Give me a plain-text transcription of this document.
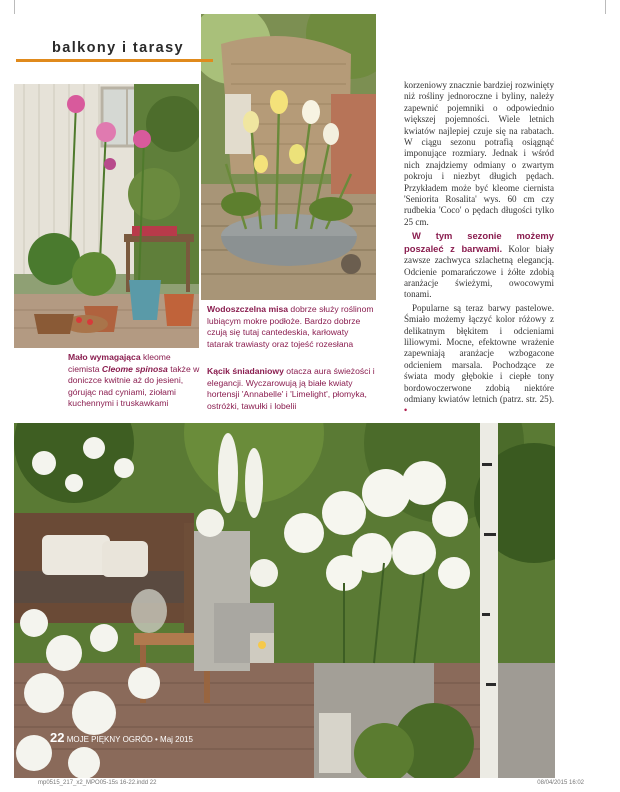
balkony i tarasy
Mało wymagająca kleome ciemista Cleome spinosa także w doniczce kwitnie aż do jesieni, górując nad cyniami, ziołami kuchennymi i truskawkami
Wodoszczelna misa dobrze służy roślinom lubiącym mokre podłoże. Bardzo dobrze czują się tutaj cantedeskia, karłowaty tatarak trawiasty oraz tojeść rozesłana
Kącik śniadaniowy otacza aura świeżości i elegancji. Wyczarowują ją białe kwiaty hortensji 'Annabelle' i 'Limelight', płomyka, ostróżki, tawułki i lobelii

korzeniowy znacznie bardziej rozwinięty niż rośliny jednoroczne i byliny, należy zapewnić pojemniki o odpowiednio większej pojemności. Wiele letnich kwiatów najlepiej czuje się na rabatach. W ciągu sezonu potrafią osiągnąć imponujące rozmiary. Jednak i wśród nich znajdziemy odmiany o zwartym pokroju i niezbyt długich pędach. Przykładem może być kleome ciernista 'Seniorita Rosalita' wys. 60 cm czy rudbekia 'Coco' o pędach długości tylko 25 cm.

W tym sezonie możemy poszaleć z barwami. Kolor biały zawsze zachwyca szlachetną elegancją. Odcienie pomarańczowe i żółte zdobią aranżacje świeżymi, owocowymi tonami.

Popularne są teraz barwy pastelowe. Śmiało możemy łączyć kolor różowy z delikatnym błękitem i odcieniami liliowymi. Mocne, efektowne wrażenie zapewniają aranżacje wzbogacone odcieniem marsala. Pochodzące ze świata mody głębokie i ciepłe tony bordowoczerwone zdobią niektóre odmiany kwiatów letnich (patrz. str. 25). •

22 MOJE PIĘKNY OGRÓD • Maj 2015
mp0515_217_x2_MPO05-15s 16-22.indd 22	08/04/2015 16:02
